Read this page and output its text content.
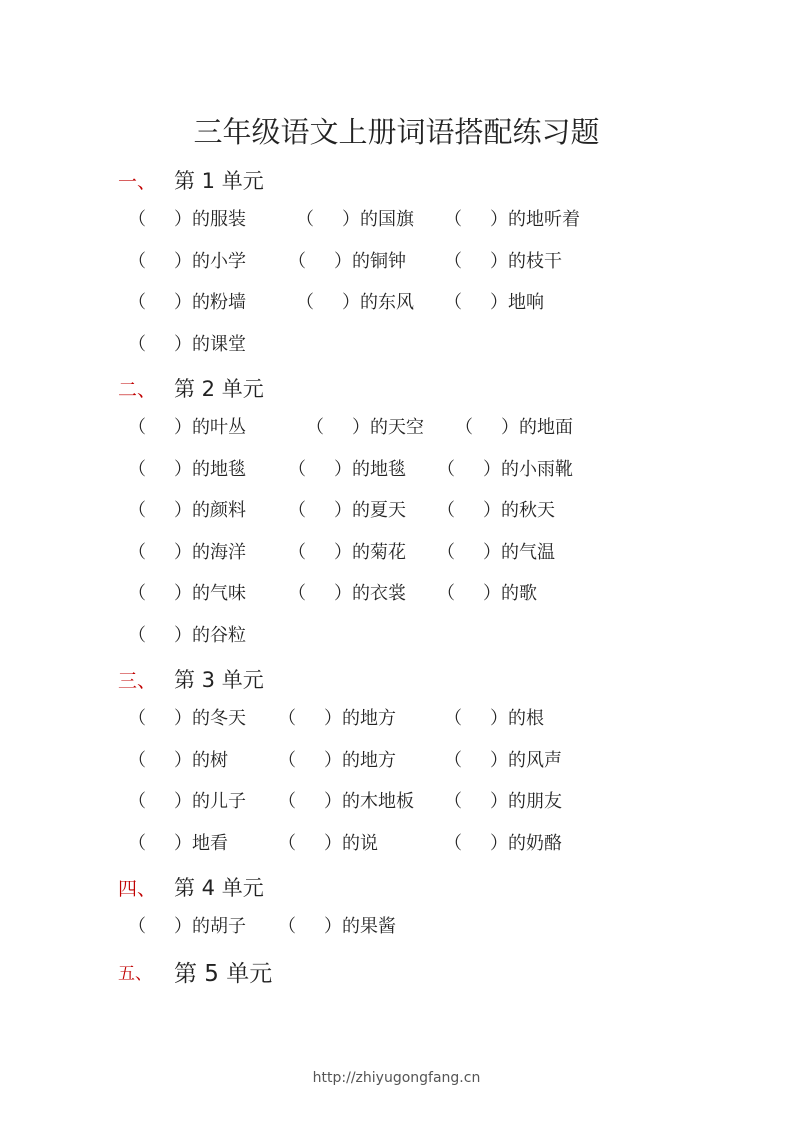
三年级语文上册词语搭配练习题
一、 第 1 单元
（ ）的服装	（ ）的国旗 （ ）的地听着
（ ）的小学 （ ）的铜钟 （ ）的枝干
（ ）的粉墙	（ ）的东风 （ ）地响
（ ）的课堂
二、 第 2 单元
（ ）的叶丛	（ ）的天空 （ ）的地面
（ ）的地毯 （ ）的地毯 （ ）的小雨靴
（ ）的颜料 （ ）的夏天 （ ）的秋天
（ ）的海洋 （ ）的菊花 （ ）的气温
（ ）的气味 （ ）的衣裳 （ ）的歌
（ ）的谷粒
三、 第 3 单元
（ ）的冬天 （ ）的地方	（ ）的根
（ ）的树	（ ）的地方	（ ）的风声
（ ）的儿子 （ ）的木地板 （ ）的朋友
（ ）地看	（ ）的说	（ ）的奶酪
四、 第 4 单元
（ ）的胡子 （ ）的果酱
五、 第 5 单元
http://zhiyugongfang.cn
